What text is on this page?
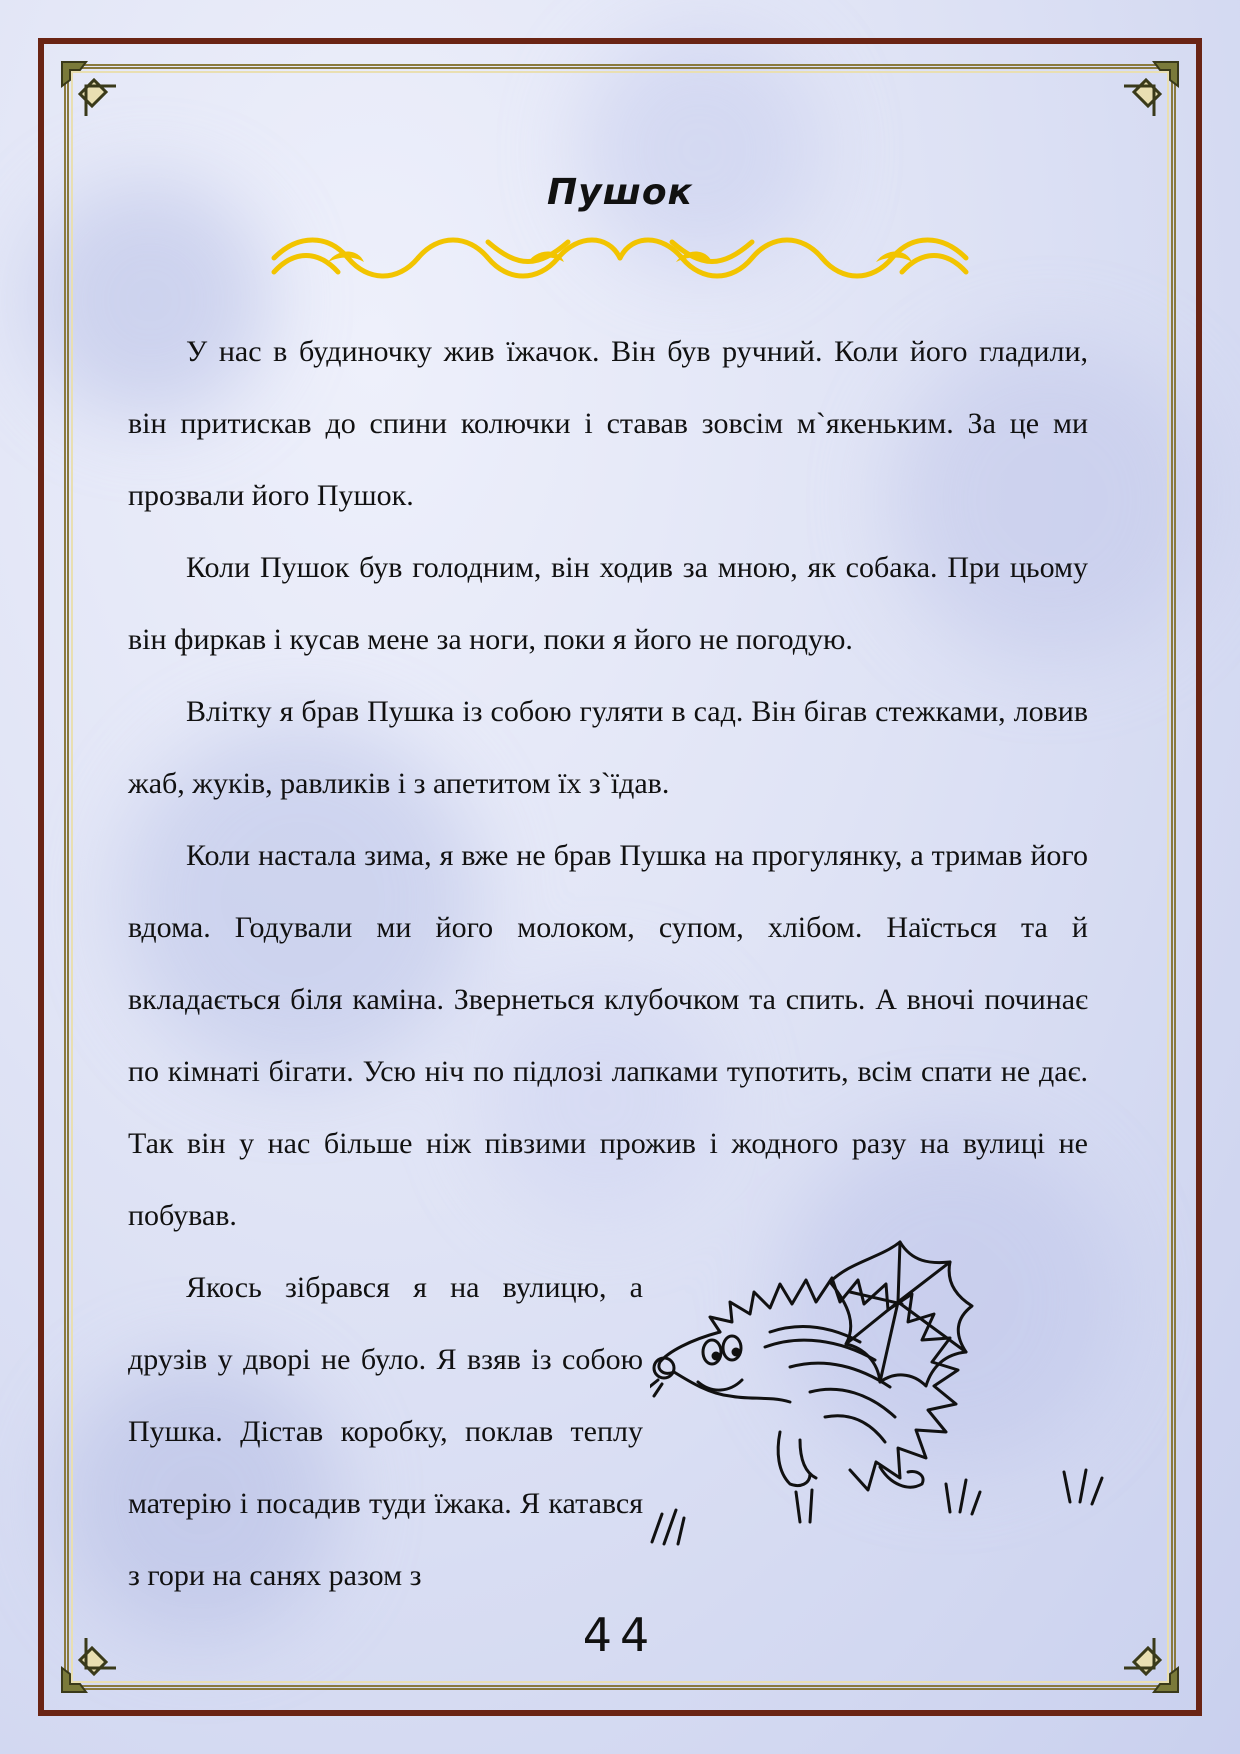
Пушок

У нас в будиночку жив їжачок. Він був ручний. Коли його гладили, він притискав до спини колючки і ставав зовсім м`якеньким. За це ми прозвали його Пушок.

Коли Пушок був голодним, він ходив за мною, як собака. При цьому він фиркав і кусав мене за ноги, поки я його не погодую.

Влітку я брав Пушка із собою гуляти в сад. Він бігав стежками, ловив жаб, жуків, равликів і з апетитом їх з`їдав.

Коли настала зима, я вже не брав Пушка на прогулянку, а тримав його вдома. Годували ми його молоком, супом, хлібом. Наїсться та й вкладається біля каміна. Звернеться клубочком та спить. А вночі починає по кімнаті бігати. Усю ніч по підлозі лапками тупотить, всім спати не дає. Так він у нас більше ніж півзими прожив і жодного разу на вулиці не побував.

Якось зібрався я на вулицю, а друзів у дворі не було. Я взяв із собою Пушка. Дістав коробку, поклав теплу матерію і посадив туди їжака. Я катався з гори на санях разом з

44
